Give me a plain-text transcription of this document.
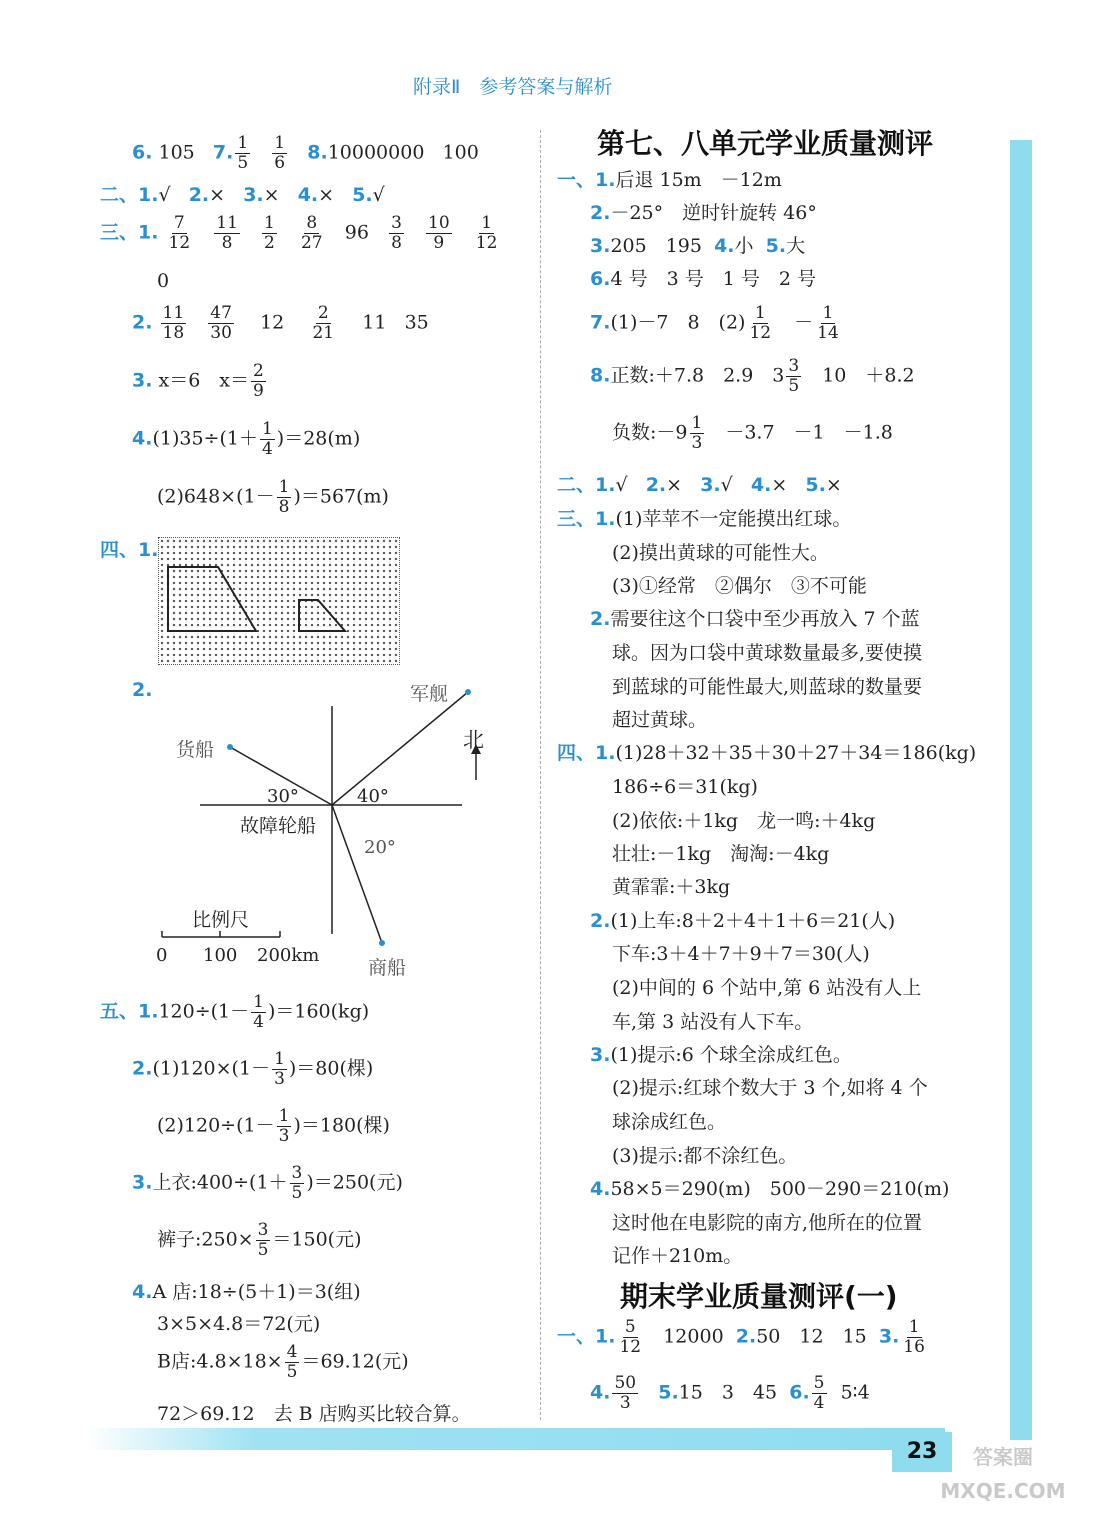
附录Ⅱ　参考答案与解析
6. 105 7. $\frac{1}{5}$
$\frac{1}{6} 8.10000000$ 100
二、1.√ 2.× 3.× 4.× 5.√
三、1. $\frac{7}{12}$
$\frac{11}{8}$
$\frac{1}{2}$
$\frac{8}{27} 96 \frac{3}{8}$
$\frac{10}{9}$
$\frac{1}{12}$
0
2. $\frac{11}{18}$
$\frac{47}{30} 12 \frac{2}{21} 11$ 35
3. x＝6　$x= \frac{2}{9}$
$4.(1)35\div(1+ \frac{1}{4} )=28(m)$
$(2)648\times(1- \frac{1}{8} )=567(m)$
四、1.
2.	军舰
北
货船
30°	40°
故障轮船
20°
比例尺
0 100 200km
商船
五、$1.120\div(1- \frac{1}{4} )=160(kg)$
$2.(1)120\times(1- \frac{1}{3} )=80$(棵)
$(2)120\div(1- \frac{1}{3} )=180$(棵)
3.上衣:400÷(1＋ $\frac{3}{5} )=250$(元)
裤子:250× $\frac{3}{5} =150$(元)
4.A 店:18÷(5＋1)＝3(组)
3×5×4.8＝72(元)
B店:4.8×18× $\frac{4}{5} =69.12$(元)
72＞69.12　去 B 店购买比较合算。
第七、八单元学业质量测评
一、1.后退 15m　－12m
2.－25°　逆时针旋转 46°
3.205　195 4.小 5.大
6.4 号　3 号　1 号　2 号
7.(1)－7　8　$(2) \frac{1}{12}$ 　－ $\frac{1}{14}$
8.正数:＋7.8　2.9　$3 \frac{3}{5}$ 　10　＋8.2
负数:－9 $\frac{1}{3}$ 　－3.7　－1　－1.8
二、1.√ 2.× 3.√ 4.× 5.×
三、1.(1)苹苹不一定能摸出红球。
(2)摸出黄球的可能性大。
(3)①经常　②偶尔　③不可能
2.需要往这个口袋中至少再放入 7 个蓝
球。因为口袋中黄球数量最多,要使摸
到蓝球的可能性最大,则蓝球的数量要
超过黄球。
四、1.(1)28＋32＋35＋30＋27＋34＝186(kg)
186÷6＝31(kg)
(2)依依:＋1kg　龙一鸣:＋4kg
壮壮:－1kg　淘淘:－4kg
黄霏霏:＋3kg
2.(1)上车:8＋2＋4＋1＋6＝21(人)
下车:3＋4＋7＋9＋7＝30(人)
(2)中间的 6 个站中,第 6 站没有人上
车,第 3 站没有人下车。
3.(1)提示:6 个球全涂成红色。
(2)提示:红球个数大于 3 个,如将 4 个
球涂成红色。
(3)提示:都不涂红色。
4.58×5＝290(m)　500－290＝210(m)
这时他在电影院的南方,他所在的位置
记作＋210m。
期末学业质量测评(一)
一、1. $\frac{5}{12} 12000$ 2.50　12　15 3. $\frac{1}{16}$
4. $\frac{50}{3} 5.15$　3　45 6. $\frac{5}{4}$ 5∶4
23	答案圈 MXQE.COM
